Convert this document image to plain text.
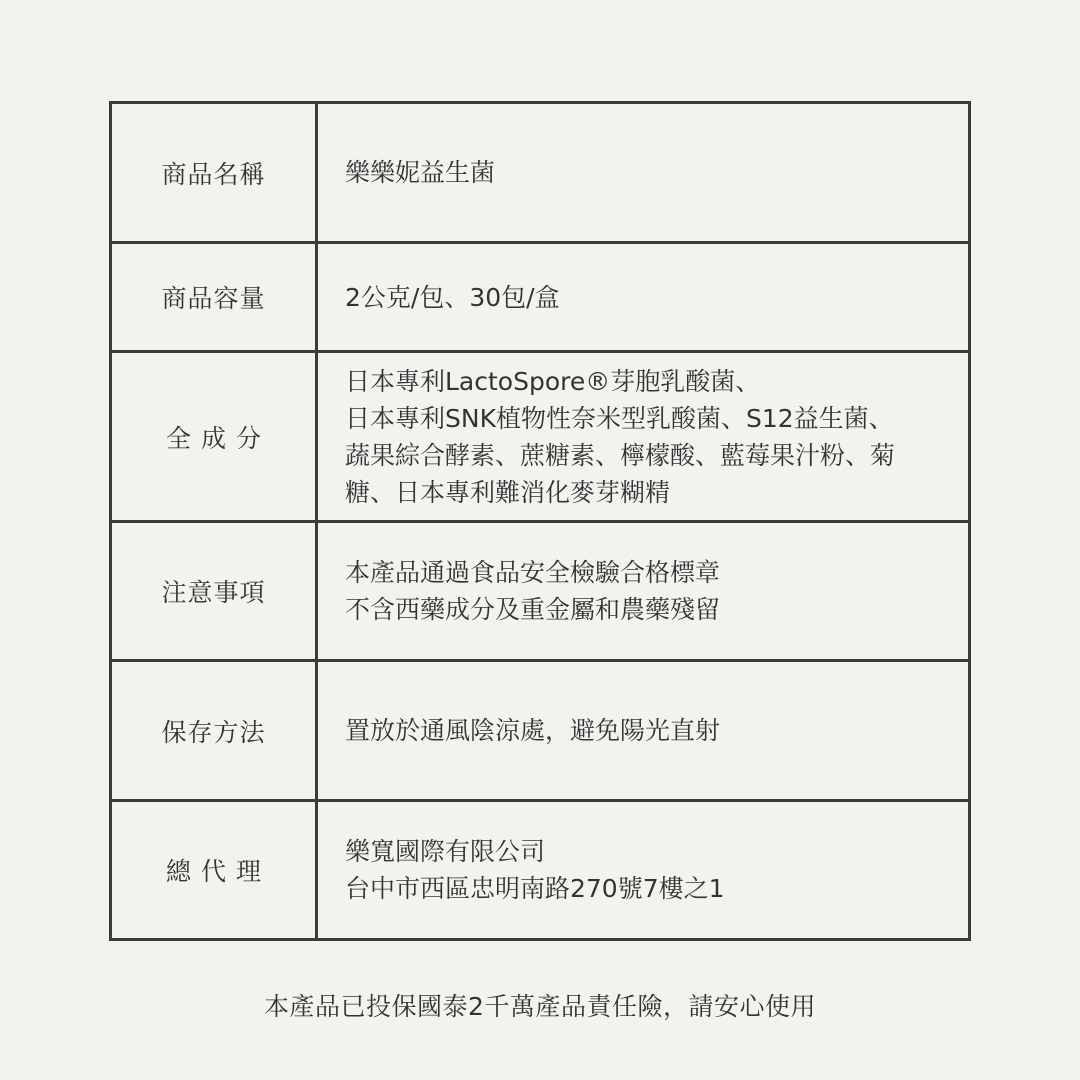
商品名稱	樂樂妮益生菌

商品容量	2公克/包、30包/盒

全成分	日本專利LactoSpore®芽胞乳酸菌、
日本專利SNK植物性奈米型乳酸菌、S12益生菌、
蔬果綜合酵素、蔗糖素、檸檬酸、藍莓果汁粉、菊
糖、日本專利難消化麥芽糊精

注意事項	本產品通過食品安全檢驗合格標章
不含西藥成分及重金屬和農藥殘留

保存方法	置放於通風陰涼處，避免陽光直射

總代理	樂寬國際有限公司
台中市西區忠明南路270號7樓之1
本產品已投保國泰2千萬產品責任險，請安心使用
